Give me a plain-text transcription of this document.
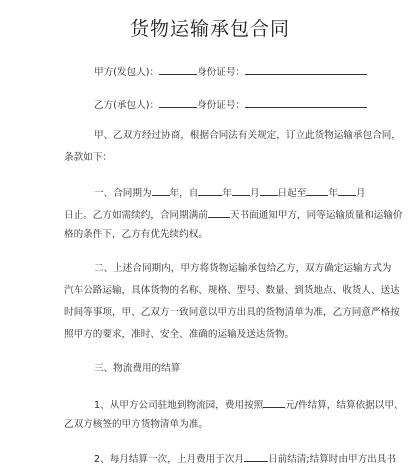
货物运输承包合同
甲方(发包人)：	身份证号：
乙方(承包人)：	身份证号：
甲、乙双方经过协商，根据合同法有关规定，订立此货物运输承包合同，
条款如下：
一、合同期为 年，自	年 月 日起至 年 月
日止。乙方如需续约，合同期满前 天书面通知甲方，同等运输质量和运输价
格的条件下，乙方有优先续约权。
二、上述合同期内，甲方将货物运输承包给乙方，双方确定运输方式为
汽车公路运输，具体货物的名称、规格、型号、数量、到货地点、收货人、送达
时间等事项，甲、乙双方一致同意以甲方出具的货物清单为准，乙方同意严格按
照甲方的要求，准时、安全、准确的运输及送达货物。
三、物流费用的结算
1、从甲方公司驻地到物流园，费用按照 元/件结算，结算依据以甲、
乙双方核签的甲方货物清单为准。
2、每月结算一次，上月费用于次月	日前结清;结算时由甲方出具书
